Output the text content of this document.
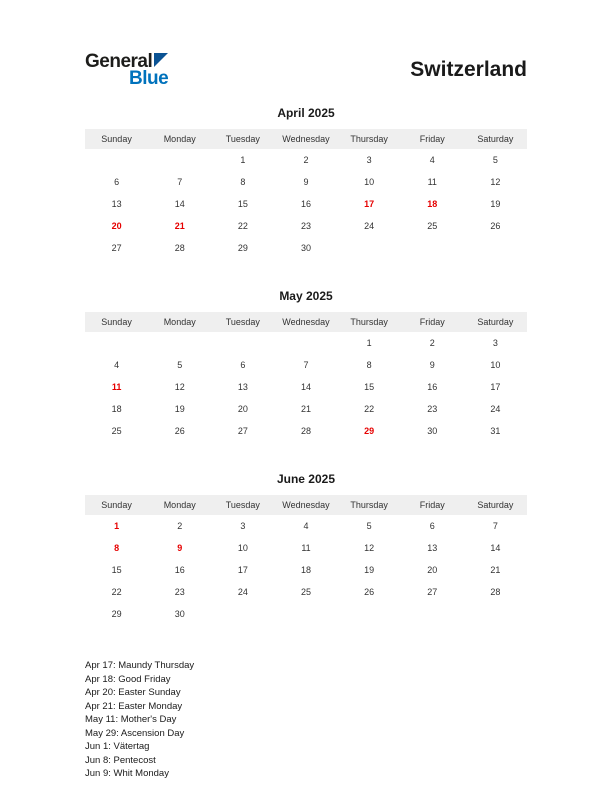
General
Blue	Switzerland
April 2025
Sunday	Monday	Tuesday	Wednesday	Thursday	Friday	Saturday
		1	2	3	4	5
6	7	8	9	10	11	12
13	14	15	16	17	18	19
20	21	22	23	24	25	26
27	28	29	30			
May 2025
Sunday	Monday	Tuesday	Wednesday	Thursday	Friday	Saturday
				1	2	3
4	5	6	7	8	9	10
11	12	13	14	15	16	17
18	19	20	21	22	23	24
25	26	27	28	29	30	31
June 2025
Sunday	Monday	Tuesday	Wednesday	Thursday	Friday	Saturday
1	2	3	4	5	6	7
8	9	10	11	12	13	14
15	16	17	18	19	20	21
22	23	24	25	26	27	28
29	30					
Apr 17: Maundy Thursday
Apr 18: Good Friday
Apr 20: Easter Sunday
Apr 21: Easter Monday
May 11: Mother's Day
May 29: Ascension Day
Jun 1: Vätertag
Jun 8: Pentecost
Jun 9: Whit Monday
